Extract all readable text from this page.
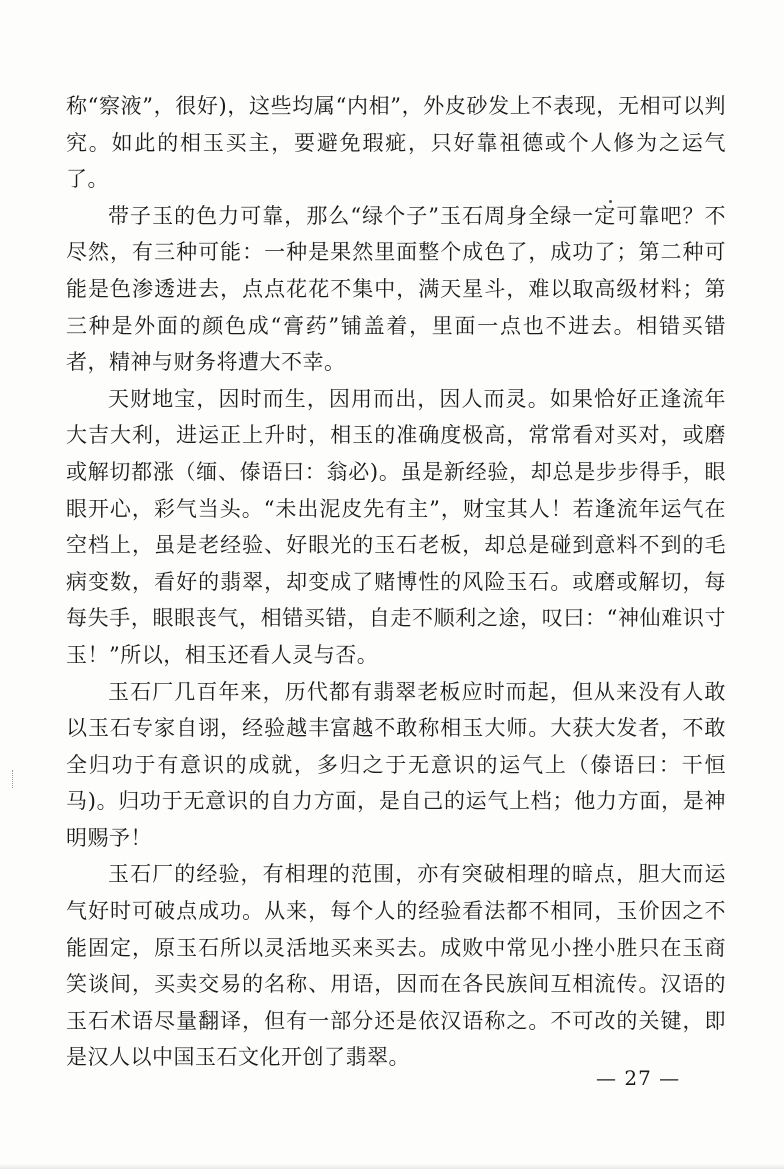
称“察液”，很好)，这些均属“内相”，外皮砂发上不表现，无相可以判究。如此的相玉买主，要避免瑕疵，只好靠祖德或个人修为之运气了。

带子玉的色力可靠，那么“绿个子”玉石周身全绿一定可靠吧？不尽然，有三种可能：一种是果然里面整个成色了，成功了；第二种可能是色渗透进去，点点花花不集中，满天星斗，难以取高级材料；第三种是外面的颜色成“膏药”铺盖着，里面一点也不进去。相错买错者，精神与财务将遭大不幸。

天财地宝，因时而生，因用而出，因人而灵。如果恰好正逢流年大吉大利，进运正上升时，相玉的准确度极高，常常看对买对，或磨或解切都涨（缅、傣语曰：翁必)。虽是新经验，却总是步步得手，眼眼开心，彩气当头。“未出泥皮先有主”，财宝其人！若逢流年运气在空档上，虽是老经验、好眼光的玉石老板，却总是碰到意料不到的毛病变数，看好的翡翠，却变成了赌博性的风险玉石。或磨或解切，每每失手，眼眼丧气，相错买错，自走不顺利之途，叹曰：“神仙难识寸玉！”所以，相玉还看人灵与否。

玉石厂几百年来，历代都有翡翠老板应时而起，但从来没有人敢以玉石专家自诩，经验越丰富越不敢称相玉大师。大获大发者，不敢全归功于有意识的成就，多归之于无意识的运气上（傣语曰：干恒马)。归功于无意识的自力方面，是自己的运气上档；他力方面，是神明赐予！

玉石厂的经验，有相理的范围，亦有突破相理的暗点，胆大而运气好时可破点成功。从来，每个人的经验看法都不相同，玉价因之不能固定，原玉石所以灵活地买来买去。成败中常见小挫小胜只在玉商笑谈间，买卖交易的名称、用语，因而在各民族间互相流传。汉语的玉石术语尽量翻译，但有一部分还是依汉语称之。不可改的关键，即是汉人以中国玉石文化开创了翡翠。

— 27 —
